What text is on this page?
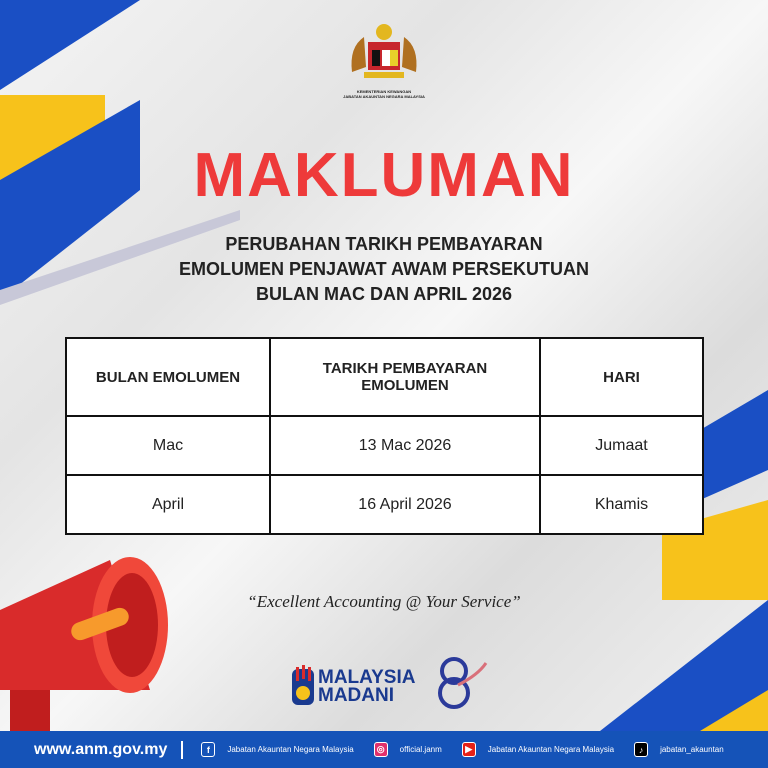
KEMENTERIAN KEWANGAN
JABATAN AKAUNTAN NEGARA MALAYSIA
MAKLUMAN
PERUBAHAN TARIKH PEMBAYARAN
EMOLUMEN PENJAWAT AWAM PERSEKUTUAN
BULAN MAC DAN APRIL 2026
BULAN EMOLUMEN	TARIKH PEMBAYARAN EMOLUMEN	HARI
Mac	13 Mac 2026	Jumaat
April	16 April 2026	Khamis
“Excellent Accounting @ Your Service”
MALAYSIA
MADANI
www.anm.gov.my	f	Jabatan Akauntan Negara Malaysia	◎	official.janm	▶	Jabatan Akauntan Negara Malaysia	♪	jabatan_akauntan
